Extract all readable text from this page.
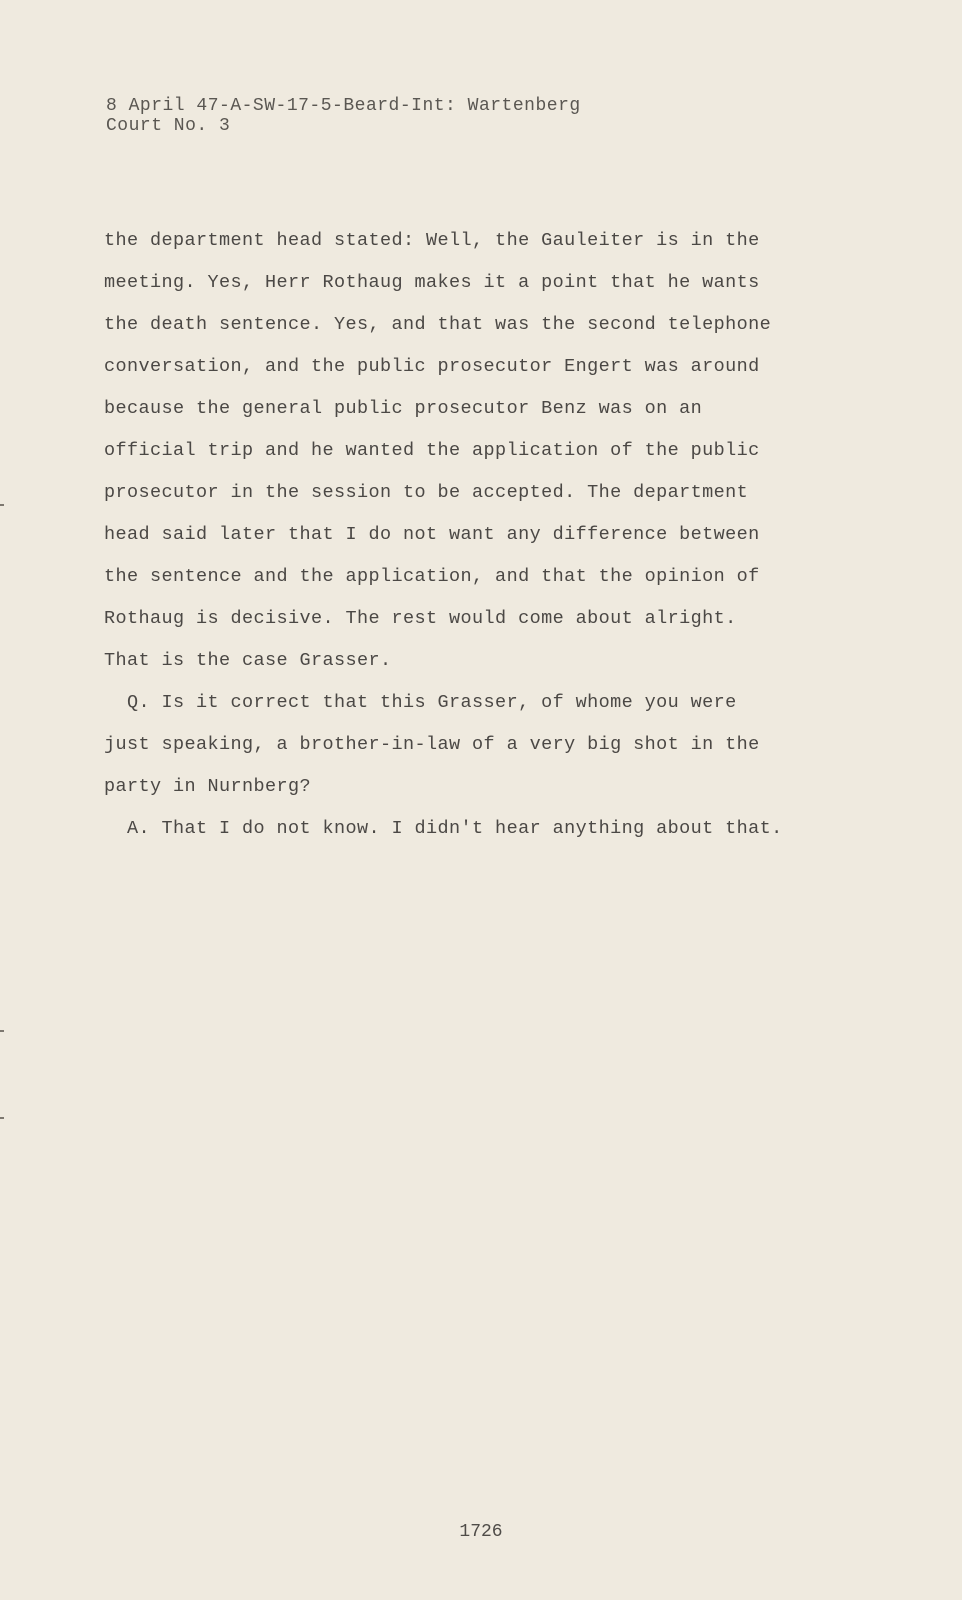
8 April 47-A-SW-17-5-Beard-Int: Wartenberg
Court No. 3
the department head stated: Well, the Gauleiter is in the
meeting. Yes, Herr Rothaug makes it a point that he wants
the death sentence. Yes, and that was the second telephone
conversation, and the public prosecutor Engert was around
because the general public prosecutor Benz was on an
official trip and he wanted the application of the public
prosecutor in the session to be accepted. The department
head said later that I do not want any difference between
the sentence and the application, and that the opinion of
Rothaug is decisive. The rest would come about alright.
That is the case Grasser.
Q. Is it correct that this Grasser, of whome you were
just speaking, a brother-in-law of a very big shot in the
party in Nurnberg?
A. That I do not know. I didn't hear anything about that.
1726
